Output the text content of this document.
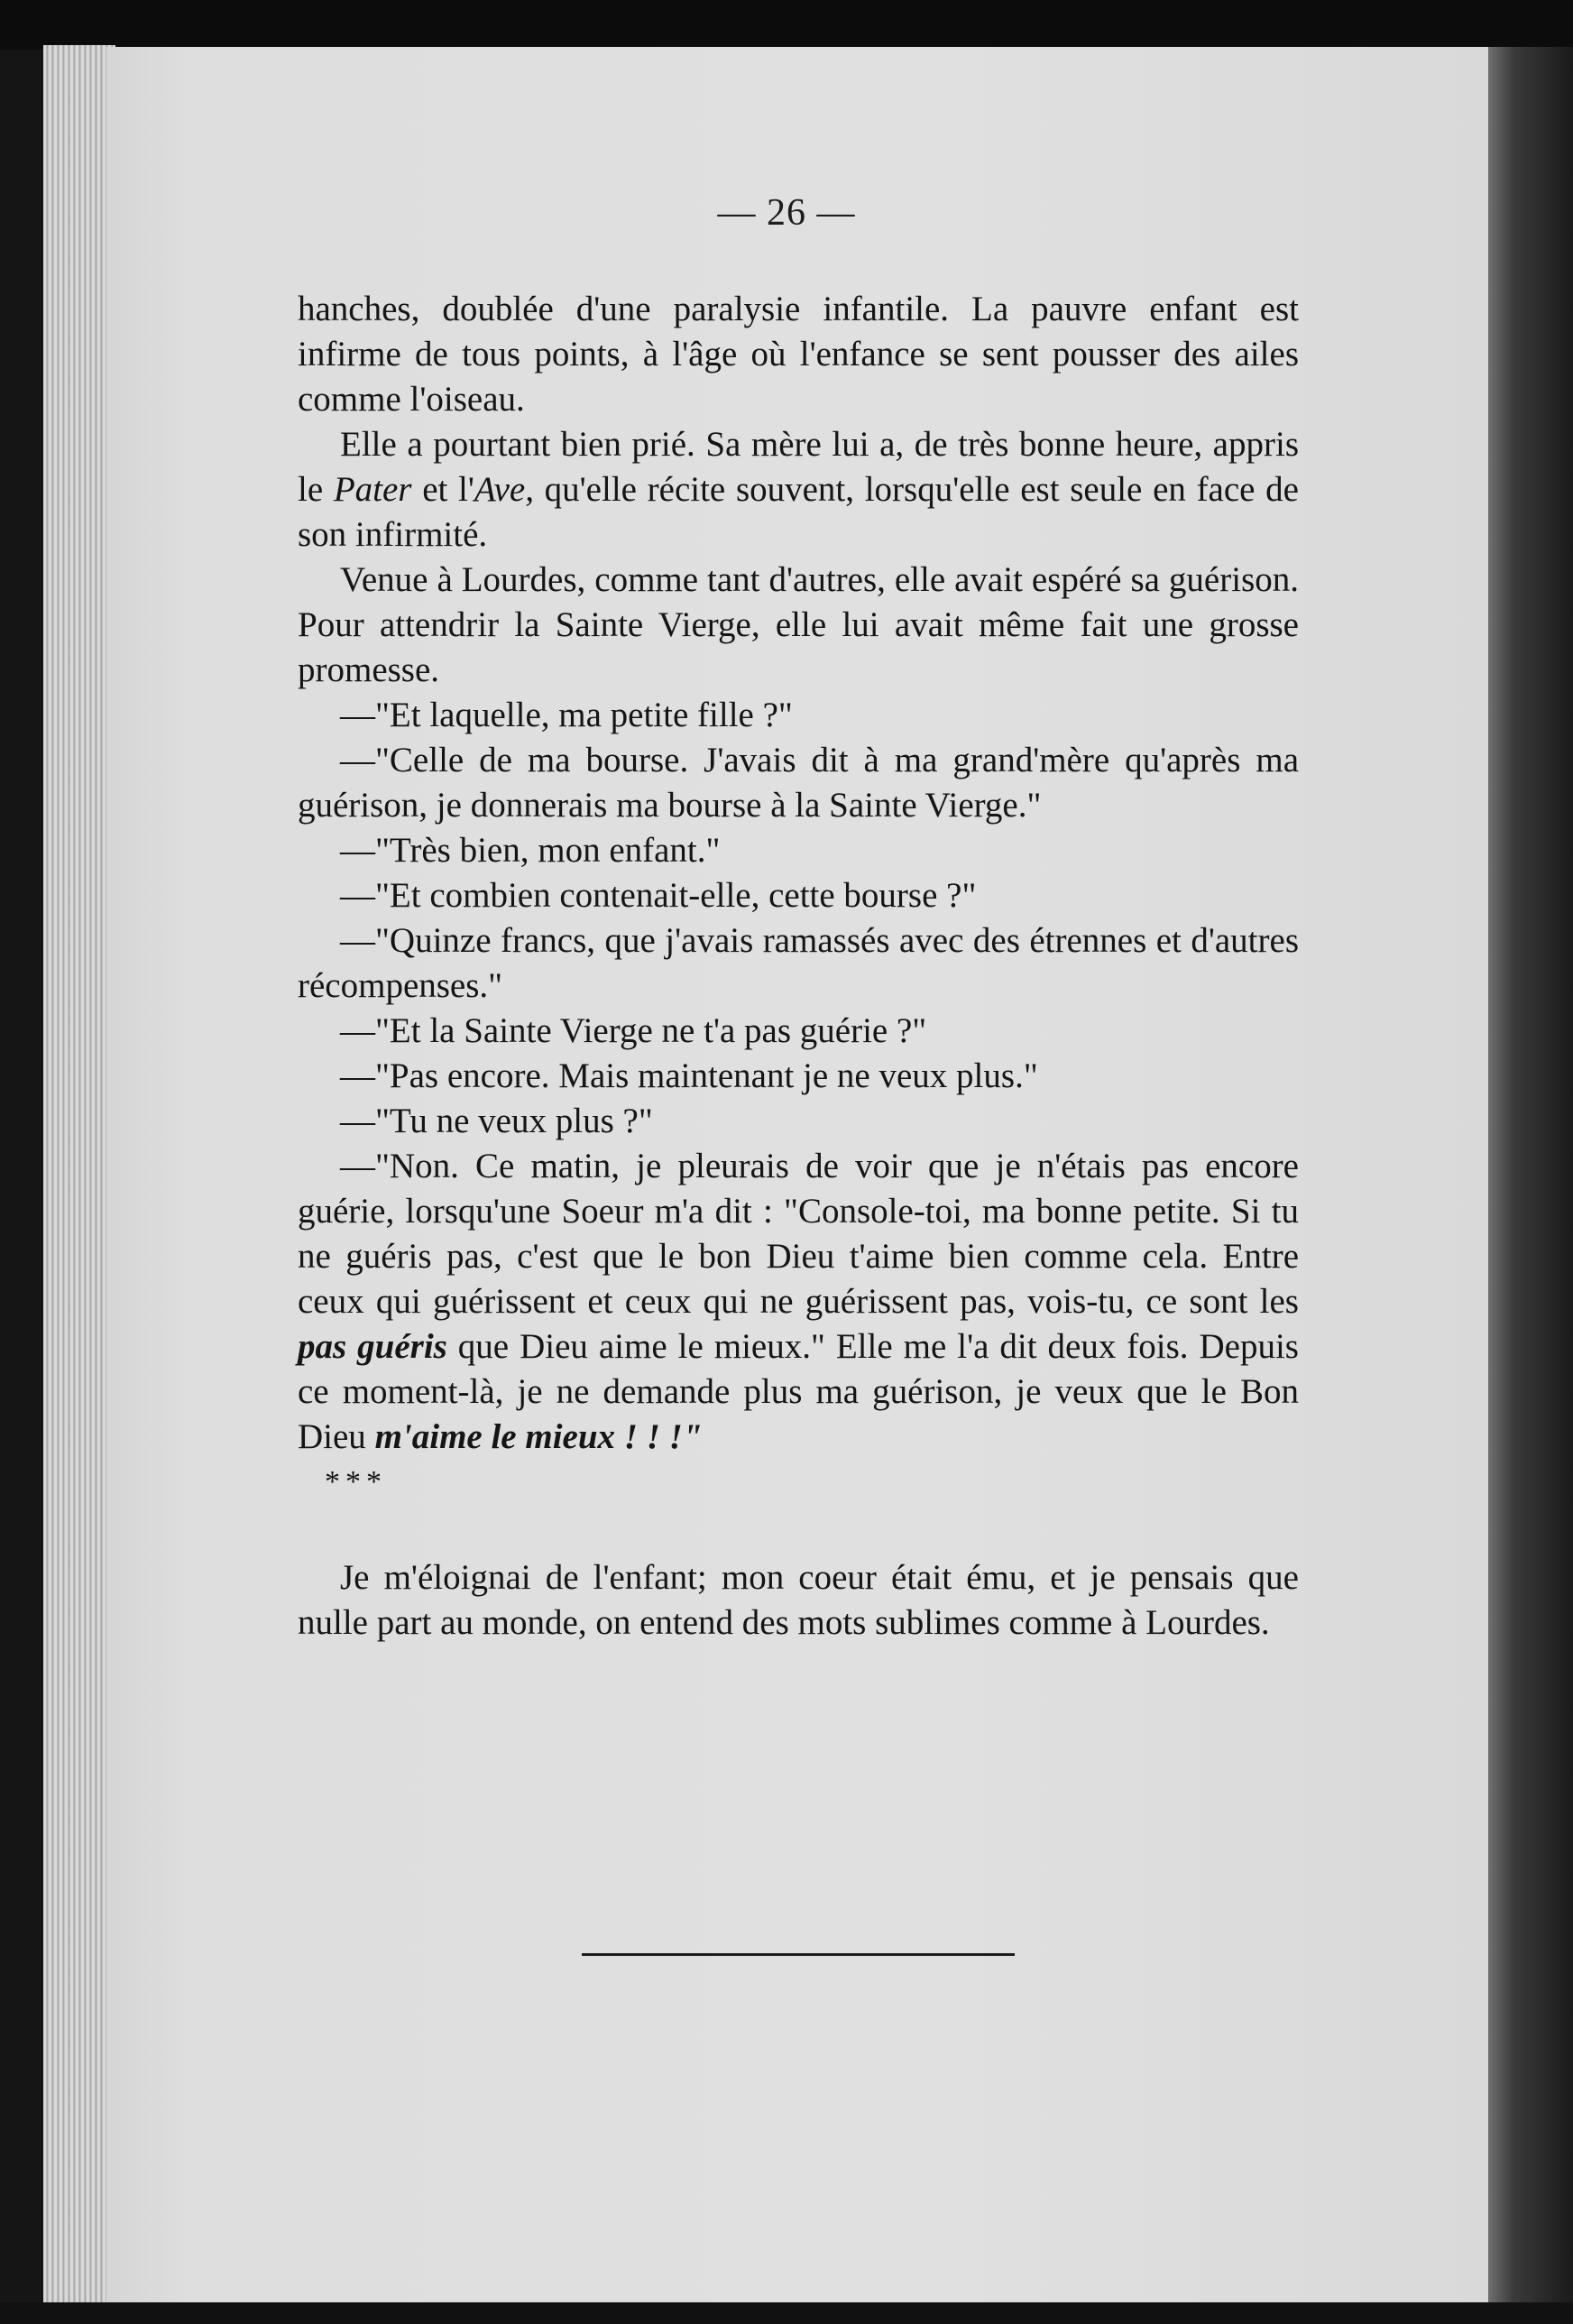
— 26 —

hanches, doublée d'une paralysie infantile. La pauvre enfant est infirme de tous points, à l'âge où l'enfance se sent pousser des ailes comme l'oiseau.

Elle a pourtant bien prié. Sa mère lui a, de très bonne heure, appris le Pater et l'Ave, qu'elle récite souvent, lorsqu'elle est seule en face de son infirmité.

Venue à Lourdes, comme tant d'autres, elle avait espéré sa guérison. Pour attendrir la Sainte Vierge, elle lui avait même fait une grosse promesse.

—"Et laquelle, ma petite fille ?"

—"Celle de ma bourse. J'avais dit à ma grand'mère qu'après ma guérison, je donnerais ma bourse à la Sainte Vierge."

—"Très bien, mon enfant."

—"Et combien contenait-elle, cette bourse ?"

—"Quinze francs, que j'avais ramassés avec des étrennes et d'autres récompenses."

—"Et la Sainte Vierge ne t'a pas guérie ?"

—"Pas encore. Mais maintenant je ne veux plus."

—"Tu ne veux plus ?"

—"Non. Ce matin, je pleurais de voir que je n'étais pas encore guérie, lorsqu'une Soeur m'a dit : "Console-toi, ma bonne petite. Si tu ne guéris pas, c'est que le bon Dieu t'aime bien comme cela. Entre ceux qui guérissent et ceux qui ne guérissent pas, vois-tu, ce sont les pas guéris que Dieu aime le mieux." Elle me l'a dit deux fois. Depuis ce moment-là, je ne demande plus ma guérison, je veux que le Bon Dieu m'aime le mieux ! ! !"

***

Je m'éloignai de l'enfant; mon coeur était ému, et je pensais que nulle part au monde, on entend des mots sublimes comme à Lourdes.
